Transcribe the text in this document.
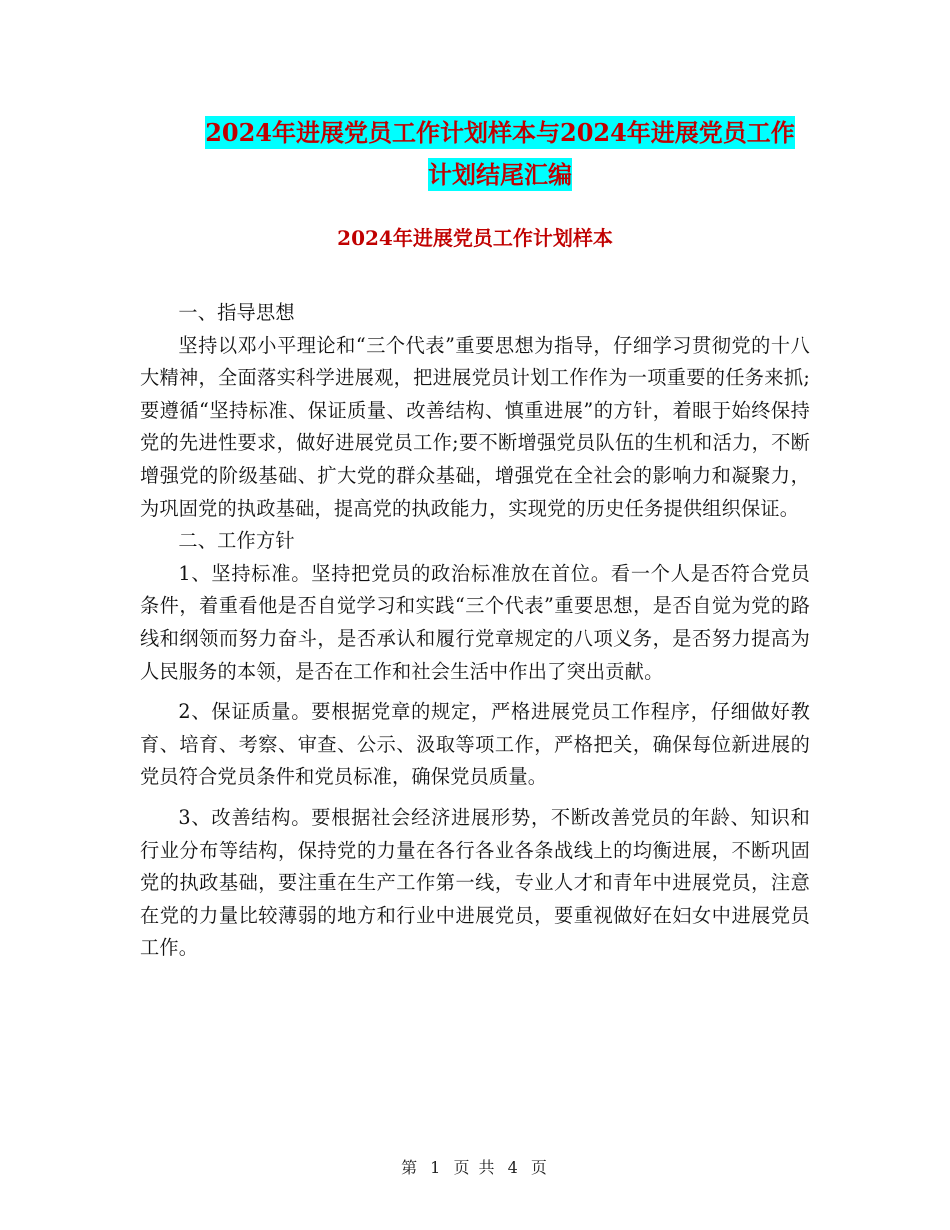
2024年进展党员工作计划样本与2024年进展党员工作
计划结尾汇编
2024年进展党员工作计划样本

一、指导思想

坚持以邓小平理论和“三个代表”重要思想为指导，仔细学习贯彻党的十八大精神，全面落实科学进展观，把进展党员计划工作作为一项重要的任务来抓;要遵循“坚持标准、保证质量、改善结构、慎重进展”的方针，着眼于始终保持党的先进性要求，做好进展党员工作;要不断增强党员队伍的生机和活力，不断增强党的阶级基础、扩大党的群众基础，增强党在全社会的影响力和凝聚力，为巩固党的执政基础，提高党的执政能力，实现党的历史任务提供组织保证。

二、工作方针

1、坚持标准。坚持把党员的政治标准放在首位。看一个人是否符合党员条件，着重看他是否自觉学习和实践“三个代表”重要思想，是否自觉为党的路线和纲领而努力奋斗，是否承认和履行党章规定的八项义务，是否努力提高为人民服务的本领，是否在工作和社会生活中作出了突出贡献。

2、保证质量。要根据党章的规定，严格进展党员工作程序，仔细做好教育、培育、考察、审查、公示、汲取等项工作，严格把关，确保每位新进展的党员符合党员条件和党员标准，确保党员质量。

3、改善结构。要根据社会经济进展形势，不断改善党员的年龄、知识和行业分布等结构，保持党的力量在各行各业各条战线上的均衡进展，不断巩固党的执政基础，要注重在生产工作第一线，专业人才和青年中进展党员，注意在党的力量比较薄弱的地方和行业中进展党员，要重视做好在妇女中进展党员工作。

第 1 页 共 4 页
